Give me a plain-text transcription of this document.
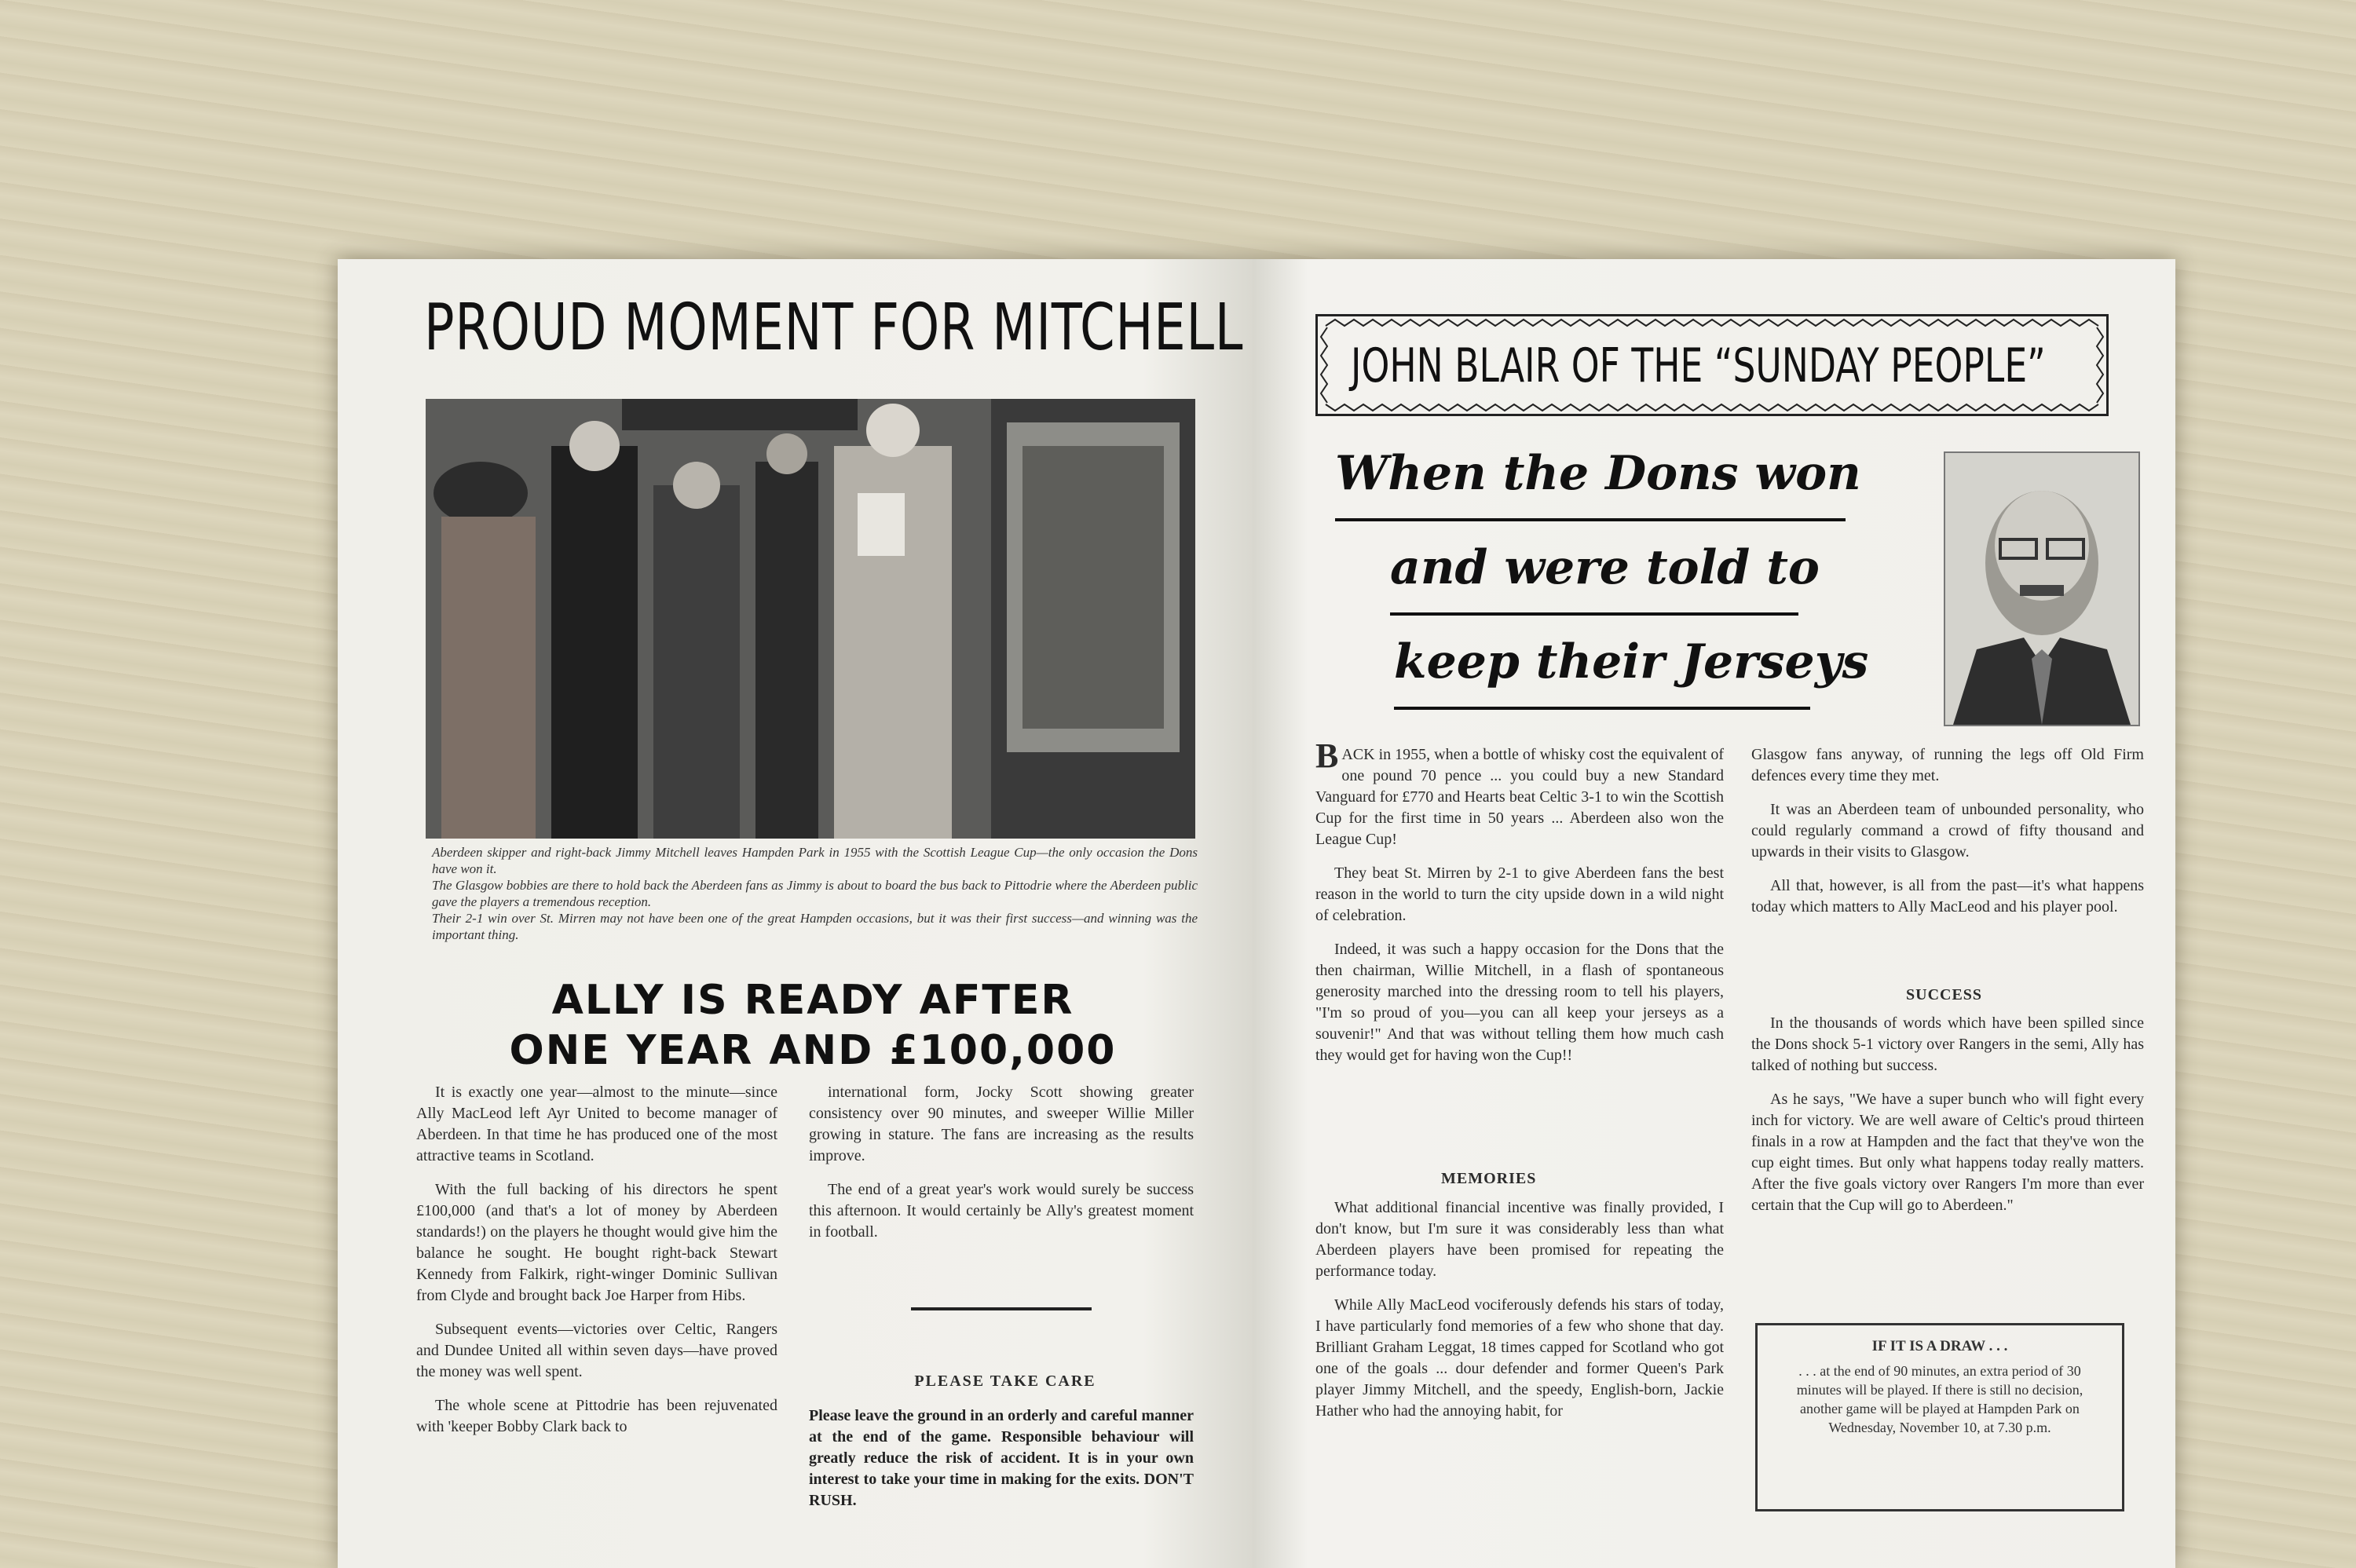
PROUD MOMENT FOR MITCHELL

Aberdeen skipper and right-back Jimmy Mitchell leaves Hampden Park in 1955 with the Scottish League Cup—the only occasion the Dons have won it.

The Glasgow bobbies are there to hold back the Aberdeen fans as Jimmy is about to board the bus back to Pittodrie where the Aberdeen public gave the players a tremendous reception.

Their 2-1 win over St. Mirren may not have been one of the great Hampden occasions, but it was their first success—and winning was the important thing.

ALLY IS READY AFTER
ONE YEAR AND £100,000

It is exactly one year—almost to the minute—since Ally MacLeod left Ayr United to become manager of Aberdeen. In that time he has produced one of the most attractive teams in Scotland.

With the full backing of his directors he spent £100,000 (and that's a lot of money by Aberdeen standards!) on the players he thought would give him the balance he sought. He bought right-back Stewart Kennedy from Falkirk, right-winger Dominic Sullivan from Clyde and brought back Joe Harper from Hibs.

Subsequent events—victories over Celtic, Rangers and Dundee United all within seven days—have proved the money was well spent.

The whole scene at Pittodrie has been rejuvenated with 'keeper Bobby Clark back to

international form, Jocky Scott showing greater consistency over 90 minutes, and sweeper Willie Miller growing in stature. The fans are increasing as the results improve.

The end of a great year's work would surely be success this afternoon. It would certainly be Ally's greatest moment in football.

PLEASE TAKE CARE
Please leave the ground in an orderly and careful manner at the end of the game. Responsible behaviour will greatly reduce the risk of accident. It is in your own interest to take your time in making for the exits. DON'T RUSH.
JOHN BLAIR OF THE “SUNDAY PEOPLE”
When the Dons won
and were told to
keep their Jerseys

BACK in 1955, when a bottle of whisky cost the equivalent of one pound 70 pence ... you could buy a new Standard Vanguard for £770 and Hearts beat Celtic 3-1 to win the Scottish Cup for the first time in 50 years ... Aberdeen also won the League Cup!

They beat St. Mirren by 2-1 to give Aberdeen fans the best reason in the world to turn the city upside down in a wild night of celebration.

Indeed, it was such a happy occasion for the Dons that the then chairman, Willie Mitchell, in a flash of spontaneous generosity marched into the dressing room to tell his players, "I'm so proud of you—you can all keep your jerseys as a souvenir!" And that was without telling them how much cash they would get for having won the Cup!!

MEMORIES

What additional financial incentive was finally provided, I don't know, but I'm sure it was considerably less than what Aberdeen players have been promised for repeating the performance today.

While Ally MacLeod vociferously defends his stars of today, I have particularly fond memories of a few who shone that day. Brilliant Graham Leggat, 18 times capped for Scotland who got one of the goals ... dour defender and former Queen's Park player Jimmy Mitchell, and the speedy, English-born, Jackie Hather who had the annoying habit, for

Glasgow fans anyway, of running the legs off Old Firm defences every time they met.

It was an Aberdeen team of unbounded personality, who could regularly command a crowd of fifty thousand and upwards in their visits to Glasgow.

All that, however, is all from the past—it's what happens today which matters to Ally MacLeod and his player pool.

SUCCESS

In the thousands of words which have been spilled since the Dons shock 5-1 victory over Rangers in the semi, Ally has talked of nothing but success.

As he says, "We have a super bunch who will fight every inch for victory. We are well aware of Celtic's proud thirteen finals in a row at Hampden and the fact that they've won the cup eight times. But only what happens today really matters. After the five goals victory over Rangers I'm more than ever certain that the Cup will go to Aberdeen."

IF IT IS A DRAW . . .
. . . at the end of 90 minutes, an extra period of 30 minutes will be played. If there is still no decision, another game will be played at Hampden Park on Wednesday, November 10, at 7.30 p.m.
